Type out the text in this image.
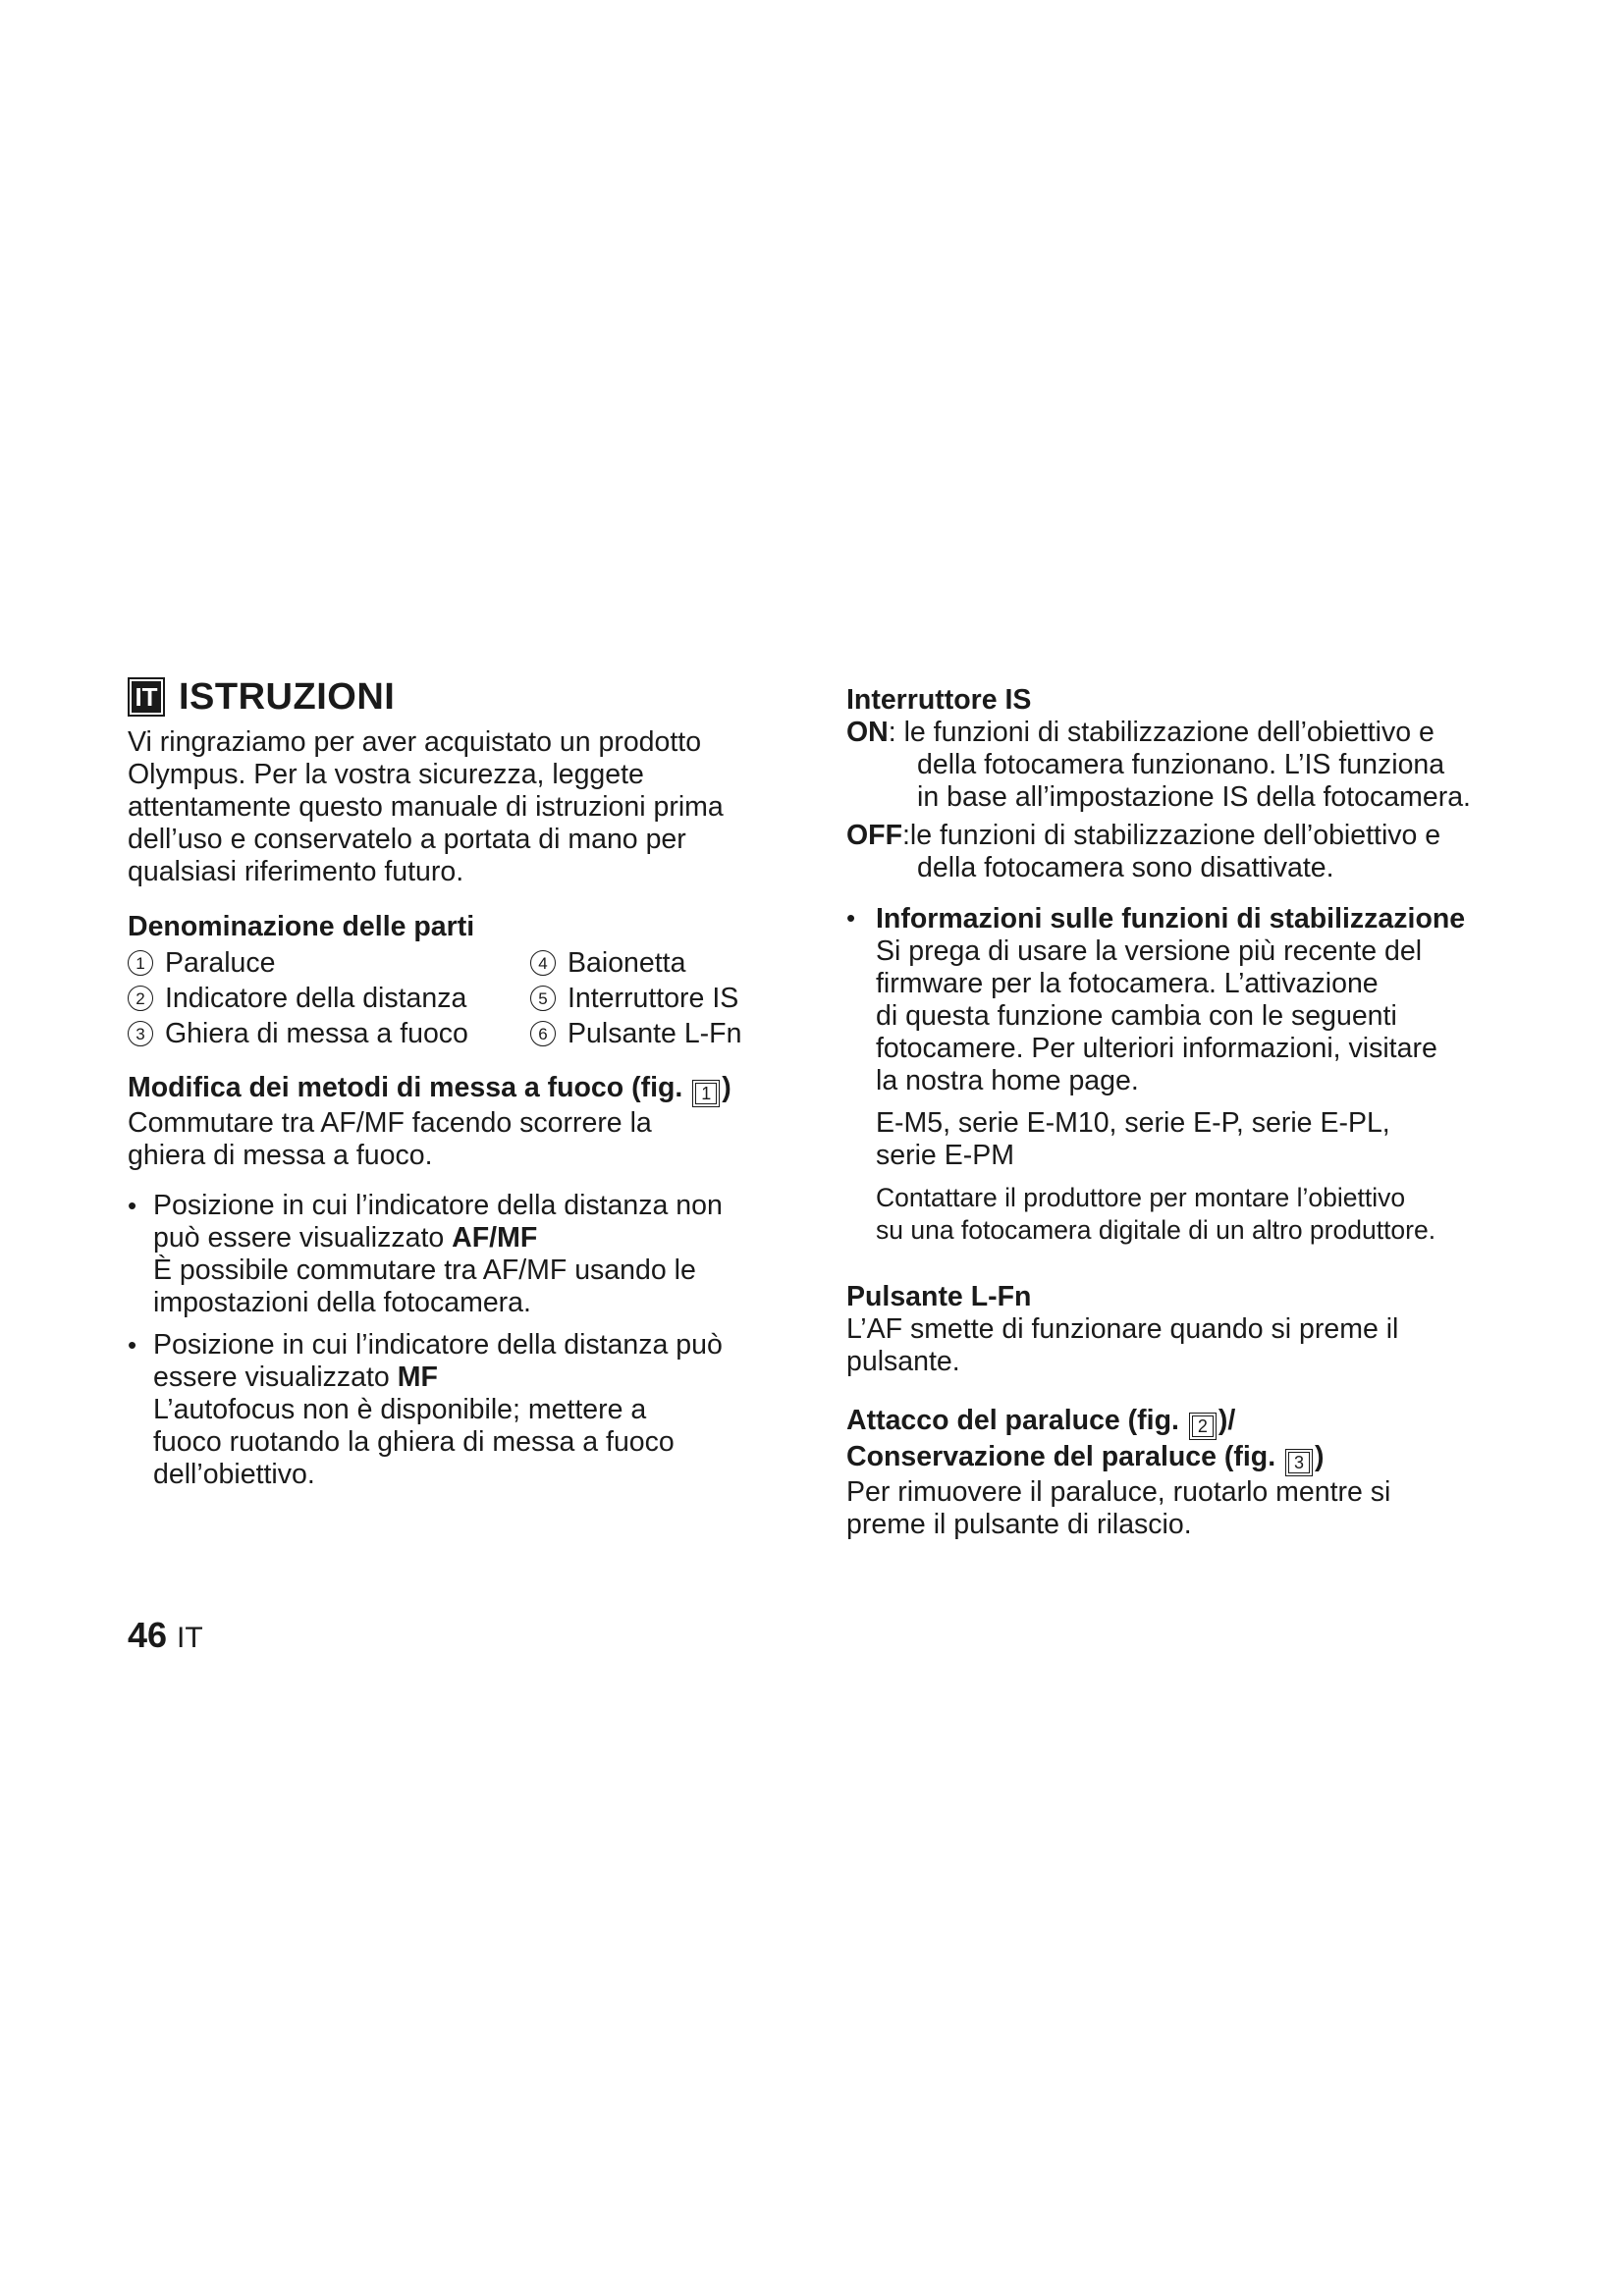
IT ISTRUZIONI

Vi ringraziamo per aver acquistato un prodotto

Olympus. Per la vostra sicurezza, leggete

attentamente questo manuale di istruzioni prima

dell’uso e conservatelo a portata di mano per

qualsiasi riferimento futuro.

Denominazione delle parti

1 Paraluce	4 Baionetta
2 Indicatore della distanza	5 Interruttore IS
3 Ghiera di messa a fuoco	6 Pulsante L-Fn

Modifica dei metodi di messa a fuoco (fig. 1 )

Commutare tra AF/MF facendo scorrere la

ghiera di messa a fuoco.

• Posizione in cui l’indicatore della distanza non

può essere visualizzato AF/MF

È possibile commutare tra AF/MF usando le

impostazioni della fotocamera.

• Posizione in cui l’indicatore della distanza può

essere visualizzato MF

L’autofocus non è disponibile; mettere a

fuoco ruotando la ghiera di messa a fuoco

dell’obiettivo.

Interruttore IS

ON : le funzioni di stabilizzazione dell’obiettivo e

della fotocamera funzionano. L’IS funziona

in base all’impostazione IS della fotocamera.

OFF :le funzioni di stabilizzazione dell’obiettivo e

della fotocamera sono disattivate.

• Informazioni sulle funzioni di stabilizzazione

Si prega di usare la versione più recente del

firmware per la fotocamera. L’attivazione

di questa funzione cambia con le seguenti

fotocamere. Per ulteriori informazioni, visitare

la nostra home page.

E-M5, serie E-M10, serie E-P, serie E-PL,

serie E-PM

Contattare il produttore per montare l’obiettivo

su una fotocamera digitale di un altro produttore.

Pulsante L-Fn

L’AF smette di funzionare quando si preme il

pulsante.

Attacco del paraluce (fig. 2 )/

Conservazione del paraluce (fig. 3 )

Per rimuovere il paraluce, ruotarlo mentre si

preme il pulsante di rilascio.

46 IT
